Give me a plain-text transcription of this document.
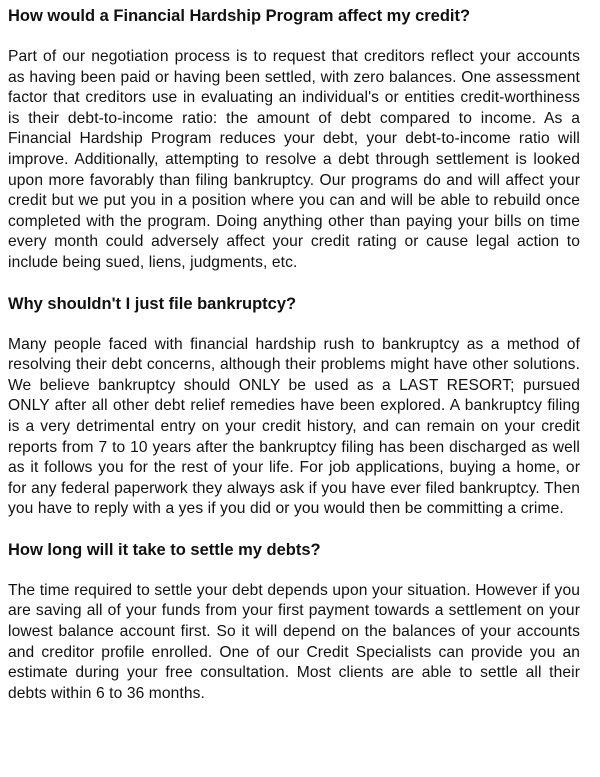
How would a Financial Hardship Program affect my credit?

Part of our negotiation process is to request that creditors reflect your accounts as having been paid or having been settled, with zero balances. One assessment factor that creditors use in evaluating an individual's or entities credit-worthiness is their debt-to-income ratio: the amount of debt compared to income. As a Financial Hardship Program reduces your debt, your debt-to-income ratio will improve. Additionally, attempting to resolve a debt through settlement is looked upon more favorably than filing bankruptcy. Our programs do and will affect your credit but we put you in a position where you can and will be able to rebuild once completed with the program. Doing anything other than paying your bills on time every month could adversely affect your credit rating or cause legal action to include being sued, liens, judgments, etc.

Why shouldn't I just file bankruptcy?

Many people faced with financial hardship rush to bankruptcy as a method of resolving their debt concerns, although their problems might have other solutions. We believe bankruptcy should ONLY be used as a LAST RESORT; pursued ONLY after all other debt relief remedies have been explored. A bankruptcy filing is a very detrimental entry on your credit history, and can remain on your credit reports from 7 to 10 years after the bankruptcy filing has been discharged as well as it follows you for the rest of your life. For job applications, buying a home, or for any federal paperwork they always ask if you have ever filed bankruptcy. Then you have to reply with a yes if you did or you would then be committing a crime.

How long will it take to settle my debts?

The time required to settle your debt depends upon your situation. However if you are saving all of your funds from your first payment towards a settlement on your lowest balance account first. So it will depend on the balances of your accounts and creditor profile enrolled. One of our Credit Specialists can provide you an estimate during your free consultation. Most clients are able to settle all their debts within 6 to 36 months.
